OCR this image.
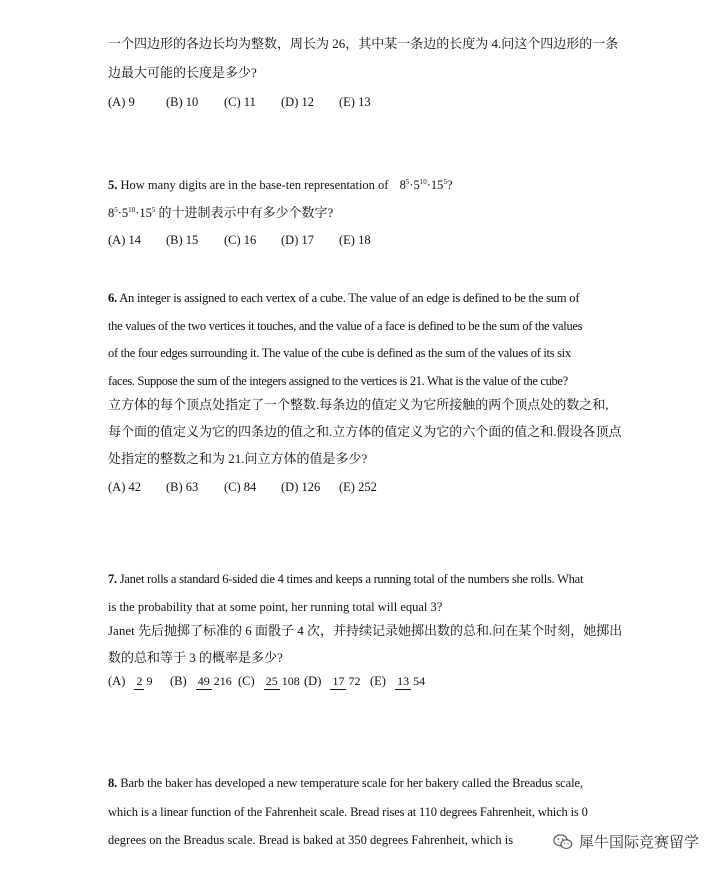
一个四边形的各边长均为整数，周长为 26，其中某一条边的长度为 4.问这个四边形的一条
边最大可能的长度是多少?
(A) 9	(B) 10	(C) 11	(D) 12	(E) 13
5. How many digits are in the base-ten representation of $8^5\cdot 5^{10}\cdot 15^5$?
$8^5\cdot 5^{10}\cdot 15^5$ 的十进制表示中有多少个数字?
(A) 14	(B) 15	(C) 16	(D) 17	(E) 18
6. An integer is assigned to each vertex of a cube. The value of an edge is defined to be the sum of
the values of the two vertices it touches, and the value of a face is defined to be the sum of the values
of the four edges surrounding it. The value of the cube is defined as the sum of the values of its six
faces. Suppose the sum of the integers assigned to the vertices is 21. What is the value of the cube?
立方体的每个顶点处指定了一个整数.每条边的值定义为它所接触的两个顶点处的数之和,
每个面的值定义为它的四条边的值之和.立方体的值定义为它的六个面的值之和.假设各顶点
处指定的整数之和为 21.问立方体的值是多少?
(A) 42	(B) 63	(C) 84	(D) 126	(E) 252
7. Janet rolls a standard 6-sided die 4 times and keeps a running total of the numbers she rolls. What
is the probability that at some point, her running total will equal 3?
Janet 先后抛掷了标准的 6 面骰子 4 次，并持续记录她掷出数的总和.问在某个时刻，她掷出
数的总和等于 3 的概率是多少?
(A) 2 9 (B) 49 216 (C) 25 108 (D) 17 72 (E) 13 54
8. Barb the baker has developed a new temperature scale for her bakery called the Breadus scale,
which is a linear function of the Fahrenheit scale. Bread rises at 110 degrees Fahrenheit, which is 0
degrees on the Breadus scale. Bread is baked at 350 degrees Fahrenheit, which is	犀牛国际竞赛留学
